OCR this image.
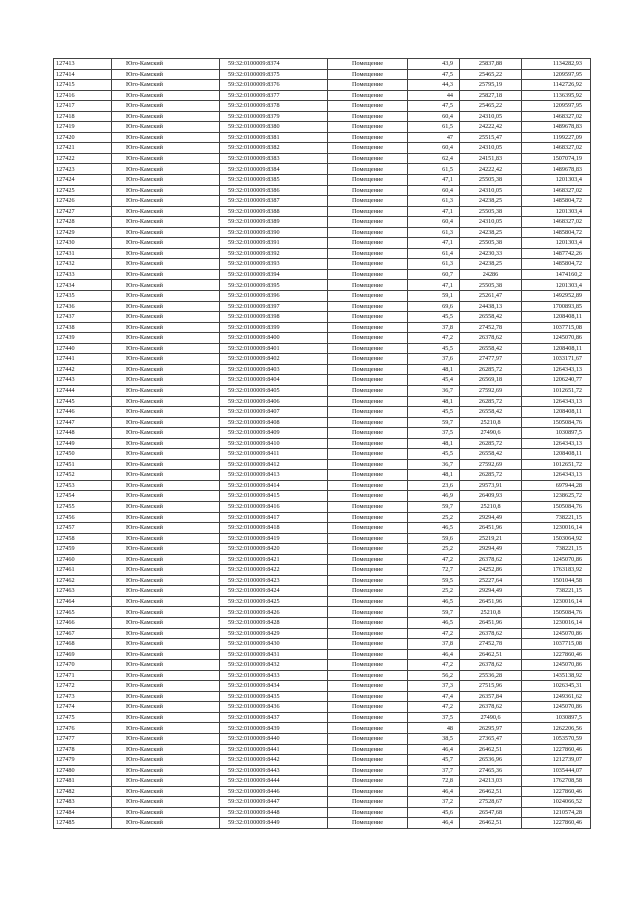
127413	Юго-Камский	59:32:0100009:8374	Помещение	43,9	25837,88	1134282,93
127414	Юго-Камский	59:32:0100009:8375	Помещение	47,5	25465,22	1209597,95
127415	Юго-Камский	59:32:0100009:8376	Помещение	44,3	25795,19	1142726,92
127416	Юго-Камский	59:32:0100009:8377	Помещение	44	25827,18	1136395,92
127417	Юго-Камский	59:32:0100009:8378	Помещение	47,5	25465,22	1209597,95
127418	Юго-Камский	59:32:0100009:8379	Помещение	60,4	24310,05	1468327,02
127419	Юго-Камский	59:32:0100009:8380	Помещение	61,5	24222,42	1489678,83
127420	Юго-Камский	59:32:0100009:8381	Помещение	47	25515,47	1199227,09
127421	Юго-Камский	59:32:0100009:8382	Помещение	60,4	24310,05	1468327,02
127422	Юго-Камский	59:32:0100009:8383	Помещение	62,4	24151,83	1507074,19
127423	Юго-Камский	59:32:0100009:8384	Помещение	61,5	24222,42	1489678,83
127424	Юго-Камский	59:32:0100009:8385	Помещение	47,1	25505,38	1201303,4
127425	Юго-Камский	59:32:0100009:8386	Помещение	60,4	24310,05	1468327,02
127426	Юго-Камский	59:32:0100009:8387	Помещение	61,3	24238,25	1485804,72
127427	Юго-Камский	59:32:0100009:8388	Помещение	47,1	25505,38	1201303,4
127428	Юго-Камский	59:32:0100009:8389	Помещение	60,4	24310,05	1468327,02
127429	Юго-Камский	59:32:0100009:8390	Помещение	61,3	24238,25	1485804,72
127430	Юго-Камский	59:32:0100009:8391	Помещение	47,1	25505,38	1201303,4
127431	Юго-Камский	59:32:0100009:8392	Помещение	61,4	24230,33	1487742,26
127432	Юго-Камский	59:32:0100009:8393	Помещение	61,3	24238,25	1485804,72
127433	Юго-Камский	59:32:0100009:8394	Помещение	60,7	24286	1474160,2
127434	Юго-Камский	59:32:0100009:8395	Помещение	47,1	25505,38	1201303,4
127435	Юго-Камский	59:32:0100009:8396	Помещение	59,1	25261,47	1492952,89
127436	Юго-Камский	59:32:0100009:8397	Помещение	69,6	24438,13	1700893,85
127437	Юго-Камский	59:32:0100009:8398	Помещение	45,5	26558,42	1208408,11
127438	Юго-Камский	59:32:0100009:8399	Помещение	37,8	27452,78	1037715,08
127439	Юго-Камский	59:32:0100009:8400	Помещение	47,2	26378,62	1245070,86
127440	Юго-Камский	59:32:0100009:8401	Помещение	45,5	26558,42	1208408,11
127441	Юго-Камский	59:32:0100009:8402	Помещение	37,6	27477,97	1033171,67
127442	Юго-Камский	59:32:0100009:8403	Помещение	48,1	26285,72	1264343,13
127443	Юго-Камский	59:32:0100009:8404	Помещение	45,4	26569,18	1206240,77
127444	Юго-Камский	59:32:0100009:8405	Помещение	36,7	27592,69	1012651,72
127445	Юго-Камский	59:32:0100009:8406	Помещение	48,1	26285,72	1264343,13
127446	Юго-Камский	59:32:0100009:8407	Помещение	45,5	26558,42	1208408,11
127447	Юго-Камский	59:32:0100009:8408	Помещение	59,7	25210,8	1505084,76
127448	Юго-Камский	59:32:0100009:8409	Помещение	37,5	27490,6	1030897,5
127449	Юго-Камский	59:32:0100009:8410	Помещение	48,1	26285,72	1264343,13
127450	Юго-Камский	59:32:0100009:8411	Помещение	45,5	26558,42	1208408,11
127451	Юго-Камский	59:32:0100009:8412	Помещение	36,7	27592,69	1012651,72
127452	Юго-Камский	59:32:0100009:8413	Помещение	48,1	26285,72	1264343,13
127453	Юго-Камский	59:32:0100009:8414	Помещение	23,6	29573,91	697944,28
127454	Юго-Камский	59:32:0100009:8415	Помещение	46,9	26409,93	1238625,72
127455	Юго-Камский	59:32:0100009:8416	Помещение	59,7	25210,8	1505084,76
127456	Юго-Камский	59:32:0100009:8417	Помещение	25,2	29294,49	738221,15
127457	Юго-Камский	59:32:0100009:8418	Помещение	46,5	26451,96	1230016,14
127458	Юго-Камский	59:32:0100009:8419	Помещение	59,6	25219,21	1503064,92
127459	Юго-Камский	59:32:0100009:8420	Помещение	25,2	29294,49	738221,15
127460	Юго-Камский	59:32:0100009:8421	Помещение	47,2	26378,62	1245070,86
127461	Юго-Камский	59:32:0100009:8422	Помещение	72,7	24252,86	1763183,92
127462	Юго-Камский	59:32:0100009:8423	Помещение	59,5	25227,64	1501044,58
127463	Юго-Камский	59:32:0100009:8424	Помещение	25,2	29294,49	738221,15
127464	Юго-Камский	59:32:0100009:8425	Помещение	46,5	26451,96	1230016,14
127465	Юго-Камский	59:32:0100009:8426	Помещение	59,7	25210,8	1505084,76
127466	Юго-Камский	59:32:0100009:8428	Помещение	46,5	26451,96	1230016,14
127467	Юго-Камский	59:32:0100009:8429	Помещение	47,2	26378,62	1245070,86
127468	Юго-Камский	59:32:0100009:8430	Помещение	37,8	27452,78	1037715,08
127469	Юго-Камский	59:32:0100009:8431	Помещение	46,4	26462,51	1227860,46
127470	Юго-Камский	59:32:0100009:8432	Помещение	47,2	26378,62	1245070,86
127471	Юго-Камский	59:32:0100009:8433	Помещение	56,2	25536,28	1435138,92
127472	Юго-Камский	59:32:0100009:8434	Помещение	37,3	27515,96	1026345,31
127473	Юго-Камский	59:32:0100009:8435	Помещение	47,4	26357,84	1249361,62
127474	Юго-Камский	59:32:0100009:8436	Помещение	47,2	26378,62	1245070,86
127475	Юго-Камский	59:32:0100009:8437	Помещение	37,5	27490,6	1030897,5
127476	Юго-Камский	59:32:0100009:8439	Помещение	48	26295,97	1262206,56
127477	Юго-Камский	59:32:0100009:8440	Помещение	38,5	27365,47	1053570,59
127478	Юго-Камский	59:32:0100009:8441	Помещение	46,4	26462,51	1227860,46
127479	Юго-Камский	59:32:0100009:8442	Помещение	45,7	26536,96	1212739,07
127480	Юго-Камский	59:32:0100009:8443	Помещение	37,7	27465,36	1035444,07
127481	Юго-Камский	59:32:0100009:8444	Помещение	72,8	24213,03	1762708,58
127482	Юго-Камский	59:32:0100009:8446	Помещение	46,4	26462,51	1227860,46
127483	Юго-Камский	59:32:0100009:8447	Помещение	37,2	27528,67	1024066,52
127484	Юго-Камский	59:32:0100009:8448	Помещение	45,6	26547,68	1210574,28
127485	Юго-Камский	59:32:0100009:8449	Помещение	46,4	26462,51	1227860,46
